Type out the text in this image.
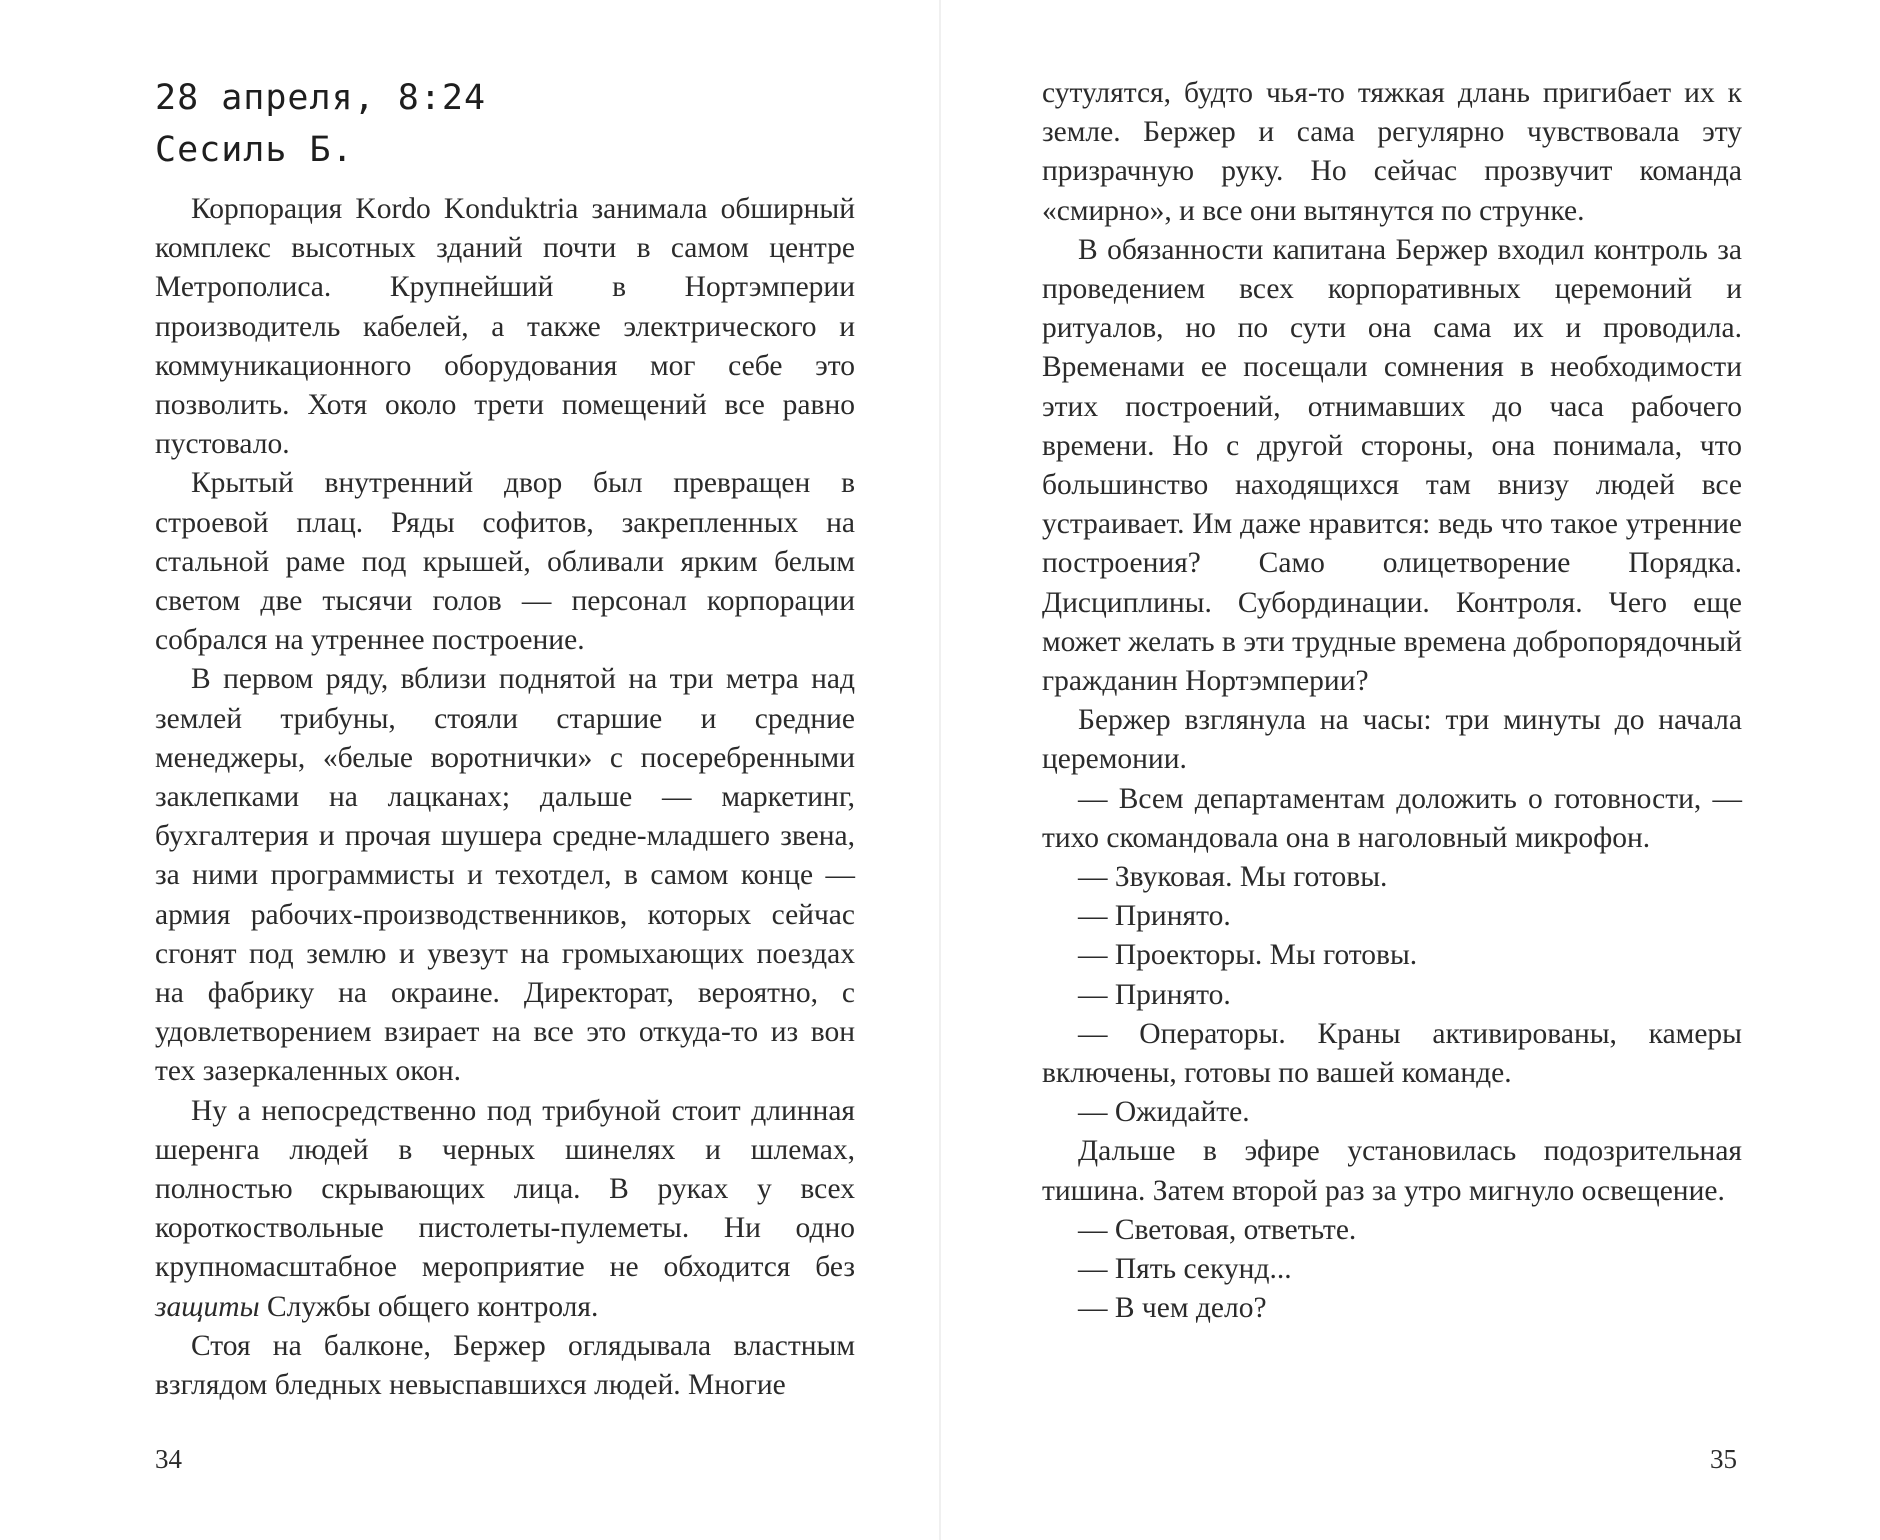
28 апреля, 8:24
Сесиль Б.

Корпорация Kordo Konduktria занимала обширный комплекс высотных зданий почти в самом центре Метрополиса. Крупнейший в Нортэмперии производитель кабелей, а также электрического и коммуникационного оборудования мог себе это позволить. Хотя около трети помещений все равно пустовало.

Крытый внутренний двор был превращен в строевой плац. Ряды софитов, закрепленных на стальной раме под крышей, обливали ярким белым светом две тысячи голов — персонал корпорации собрался на утреннее построение.

В первом ряду, вблизи поднятой на три метра над землей трибуны, стояли старшие и средние менеджеры, «белые воротнички» с посеребренными заклепками на лацканах; дальше — маркетинг, бухгалтерия и прочая шушера средне-младшего звена, за ними программисты и техотдел, в самом конце — армия рабочих-производственников, которых сейчас сгонят под землю и увезут на громыхающих поездах на фабрику на окраине. Директорат, вероятно, с удовлетворением взирает на все это откуда-то из вон тех зазеркаленных окон.

Ну а непосредственно под трибуной стоит длинная шеренга людей в черных шинелях и шлемах, полностью скрывающих лица. В руках у всех короткоствольные пистолеты-пулеметы. Ни одно крупномасштабное мероприятие не обходится без защиты Службы общего контроля.

Стоя на балконе, Бержер оглядывала властным взглядом бледных невыспавшихся людей. Многие

34

сутулятся, будто чья-то тяжкая длань пригибает их к земле. Бержер и сама регулярно чувствовала эту призрачную руку. Но сейчас прозвучит команда «смирно», и все они вытянутся по струнке.

В обязанности капитана Бержер входил контроль за проведением всех корпоративных церемоний и ритуалов, но по сути она сама их и проводила. Временами ее посещали сомнения в необходимости этих построений, отнимавших до часа рабочего времени. Но с другой стороны, она понимала, что большинство находящихся там внизу людей все устраивает. Им даже нравится: ведь что такое утренние построения? Само олицетворение Порядка. Дисциплины. Субординации. Контроля. Чего еще может желать в эти трудные времена добропорядочный гражданин Нортэмперии?

Бержер взглянула на часы: три минуты до начала церемонии.

— Всем департаментам доложить о готовности, — тихо скомандовала она в наголовный микрофон.

— Звуковая. Мы готовы.

— Принято.

— Проекторы. Мы готовы.

— Принято.

— Операторы. Краны активированы, камеры включены, готовы по вашей команде.

— Ожидайте.

Дальше в эфире установилась подозрительная тишина. Затем второй раз за утро мигнуло освещение.

— Световая, ответьте.

— Пять секунд...

— В чем дело?

35
